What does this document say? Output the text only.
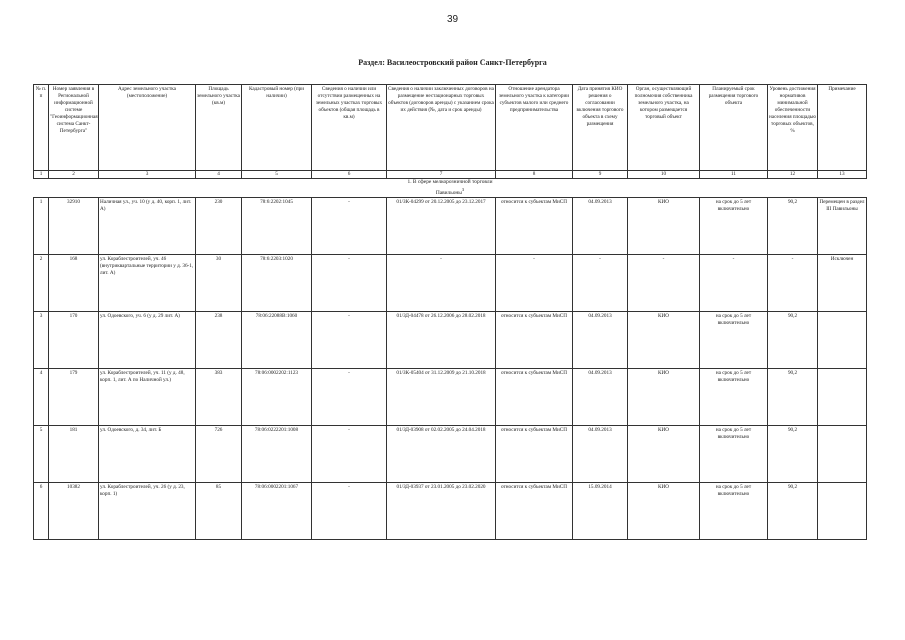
39
Раздел: Василеостровский район Санкт-Петербурга
№ п. п	Номер заявления в Региональной информационной системе "Геоинформационная система Санкт-Петербурга"	Адрес земельного участка (местоположение)	Площадь земельного участка (кв.м)	Кадастровый номер (при наличии)	Сведения о наличии или отсутствии размещенных на земельных участках торговых объектов (общая площадь в кв.м)	Сведения о наличии заключенных договоров на размещение нестационарных торговых объектов (договоров аренды) с указанием срока их действия (№, дата и срок аренды)	Отношение арендатора земельного участка к категории субъектов малого или среднего предпринимательства	Дата принятия КИО решения о согласовании включения торгового объекта в схему размещения	Орган, осуществляющий полномочия собственника земельного участка, на котором размещается торговый объект	Планируемый срок размещения торгового объекта	Уровень достижения нормативов минимальной обеспеченности населения площадью торговых объектов, %	Примечание
1	2	3	4	5	6	7	8	9	10	11	12	13
1. В сфере мелкорозничной торговли												
Павильоны$^3$
1	32910	Наличная ул., уч. 10 (у д. 40, корп. 1, лит. А)	230	78:6:2202:1045	-	01/ЗК-04299 от 20.12.2005 до 23.12.2017	относится к субъектам МиСП	04.09.2013	КИО	на срок до 5 лет включительно	90,2	Перемещен в раздел III Павильоны
2	168	ул. Кораблестроителей, уч. 46 (внутриквартальные территории у д. 36-1, лит. А)	30	78:6:2203:1020	-	-	-	-	-	-	-	Исключен
3	170	ул. Одоевского, уч. 6 (у д. 29 лит. А)	238	78:06:22088В:1060	-	01/ЗД-04478 от 26.12.2006 до 28.02.2018	относится к субъектам МиСП	04.09.2013	КИО	на срок до 5 лет включительно	90,2	
4	179	ул. Кораблестроителей, уч. 11 (у д. 48, корп. 1, лит. А по Наличной ул.)	383	78:06:0002202:1123	-	01/ЗК-05404 от 31.12.2009 до 21.10.2018	относится к субъектам МиСП	04.09.2013	КИО	на срок до 5 лет включительно	90,2	
5	181	ул. Одоевского, д. 34, лит. Б	726	78:06:0222201:1008	-	01/ЗД-03908 от 02.02.2005 до 24.04.2018	относится к субъектам МиСП	04.09.2013	КИО	на срок до 5 лет включительно	90,2	
6	10382	ул. Кораблестроителей, уч. 26 (у д. 23, корп. 1)	85	78:06:0002201:1067	-	01/ЗД-03937 от 23.01.2005 до 23.02.2020	относится к субъектам МиСП	15.09.2014	КИО	на срок до 5 лет включительно	90,2	
